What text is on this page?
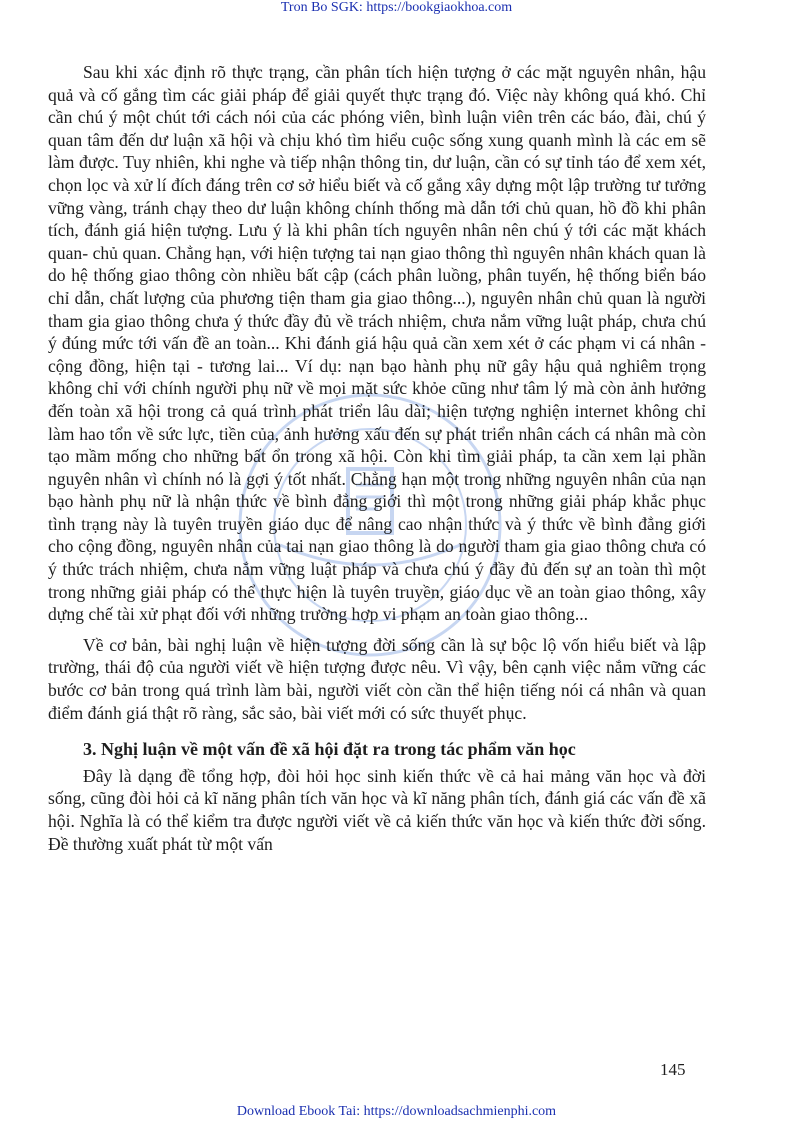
Tron Bo SGK: https://bookgiaokhoa.com

Sau khi xác định rõ thực trạng, cần phân tích hiện tượng ở các mặt nguyên nhân, hậu quả và cố gắng tìm các giải pháp để giải quyết thực trạng đó. Việc này không quá khó. Chỉ cần chú ý một chút tới cách nói của các phóng viên, bình luận viên trên các báo, đài, chú ý quan tâm đến dư luận xã hội và chịu khó tìm hiểu cuộc sống xung quanh mình là các em sẽ làm được. Tuy nhiên, khi nghe và tiếp nhận thông tin, dư luận, cần có sự tỉnh táo để xem xét, chọn lọc và xử lí đích đáng trên cơ sở hiểu biết và cố gắng xây dựng một lập trường tư tưởng vững vàng, tránh chạy theo dư luận không chính thống mà dẫn tới chủ quan, hồ đồ khi phân tích, đánh giá hiện tượng. Lưu ý là khi phân tích nguyên nhân nên chú ý tới các mặt khách quan- chủ quan. Chẳng hạn, với hiện tượng tai nạn giao thông thì nguyên nhân khách quan là do hệ thống giao thông còn nhiều bất cập (cách phân luồng, phân tuyến, hệ thống biển báo chỉ dẫn, chất lượng của phương tiện tham gia giao thông...), nguyên nhân chủ quan là người tham gia giao thông chưa ý thức đầy đủ về trách nhiệm, chưa nắm vững luật pháp, chưa chú ý đúng mức tới vấn đề an toàn... Khi đánh giá hậu quả cần xem xét ở các phạm vi cá nhân - cộng đồng, hiện tại - tương lai... Ví dụ: nạn bạo hành phụ nữ gây hậu quả nghiêm trọng không chỉ với chính người phụ nữ về mọi mặt sức khỏe cũng như tâm lý mà còn ảnh hưởng đến toàn xã hội trong cả quá trình phát triển lâu dài; hiện tượng nghiện internet không chỉ làm hao tổn về sức lực, tiền của, ảnh hưởng xấu đến sự phát triển nhân cách cá nhân mà còn tạo mầm mống cho những bất ổn trong xã hội. Còn khi tìm giải pháp, ta cần xem lại phần nguyên nhân vì chính nó là gợi ý tốt nhất. Chẳng hạn một trong những nguyên nhân của nạn bạo hành phụ nữ là nhận thức về bình đẳng giới thì một trong những giải pháp khắc phục tình trạng này là tuyên truyền giáo dục để nâng cao nhận thức và ý thức về bình đẳng giới cho cộng đồng, nguyên nhân của tai nạn giao thông là do người tham gia giao thông chưa có ý thức trách nhiệm, chưa nắm vững luật pháp và chưa chú ý đầy đủ đến sự an toàn thì một trong những giải pháp có thể thực hiện là tuyên truyền, giáo dục về an toàn giao thông, xây dựng chế tài xử phạt đối với những trường hợp vi phạm an toàn giao thông...

Về cơ bản, bài nghị luận về hiện tượng đời sống cần là sự bộc lộ vốn hiểu biết và lập trường, thái độ của người viết về hiện tượng được nêu. Vì vậy, bên cạnh việc nắm vững các bước cơ bản trong quá trình làm bài, người viết còn cần thể hiện tiếng nói cá nhân và quan điểm đánh giá thật rõ ràng, sắc sảo, bài viết mới có sức thuyết phục.

3. Nghị luận về một vấn đề xã hội đặt ra trong tác phẩm văn học

Đây là dạng đề tổng hợp, đòi hỏi học sinh kiến thức về cả hai mảng văn học và đời sống, cũng đòi hỏi cả kĩ năng phân tích văn học và kĩ năng phân tích, đánh giá các vấn đề xã hội. Nghĩa là có thể kiểm tra được người viết về cả kiến thức văn học và kiến thức đời sống. Đề thường xuất phát từ một vấn

145
Download Ebook Tai: https://downloadsachmienphi.com
